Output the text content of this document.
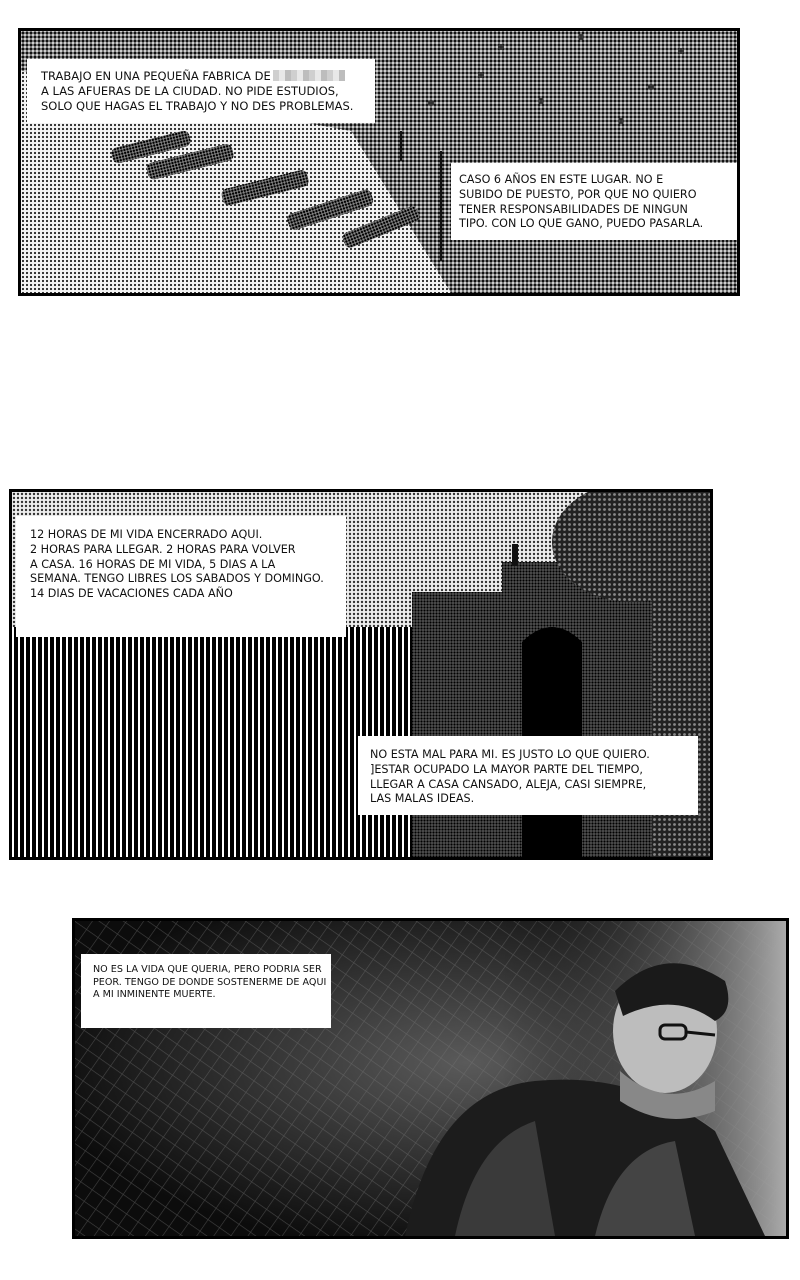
TRABAJO EN UNA PEQUEÑA FABRICA DE
A LAS AFUERAS DE LA CIUDAD. NO PIDE ESTUDIOS,
SOLO QUE HAGAS EL TRABAJO Y NO DES PROBLEMAS.
CASO 6 AÑOS EN ESTE LUGAR. NO E
SUBIDO DE PUESTO, POR QUE NO QUIERO
TENER RESPONSABILIDADES DE NINGUN
TIPO. CON LO QUE GANO, PUEDO PASARLA.
12 HORAS DE MI VIDA ENCERRADO AQUI.
2 HORAS PARA LLEGAR. 2 HORAS PARA VOLVER
A CASA. 16 HORAS DE MI VIDA, 5 DIAS A LA
SEMANA. TENGO LIBRES LOS SABADOS Y DOMINGO.
14 DIAS DE VACACIONES CADA AÑO
NO ESTA MAL PARA MI. ES JUSTO LO QUE QUIERO.
]ESTAR OCUPADO LA MAYOR PARTE DEL TIEMPO,
LLEGAR A CASA CANSADO, ALEJA, CASI SIEMPRE,
LAS MALAS IDEAS.
NO ES LA VIDA QUE QUERIA, PERO PODRIA SER
PEOR. TENGO DE DONDE SOSTENERME DE AQUI
A MI INMINENTE MUERTE.
